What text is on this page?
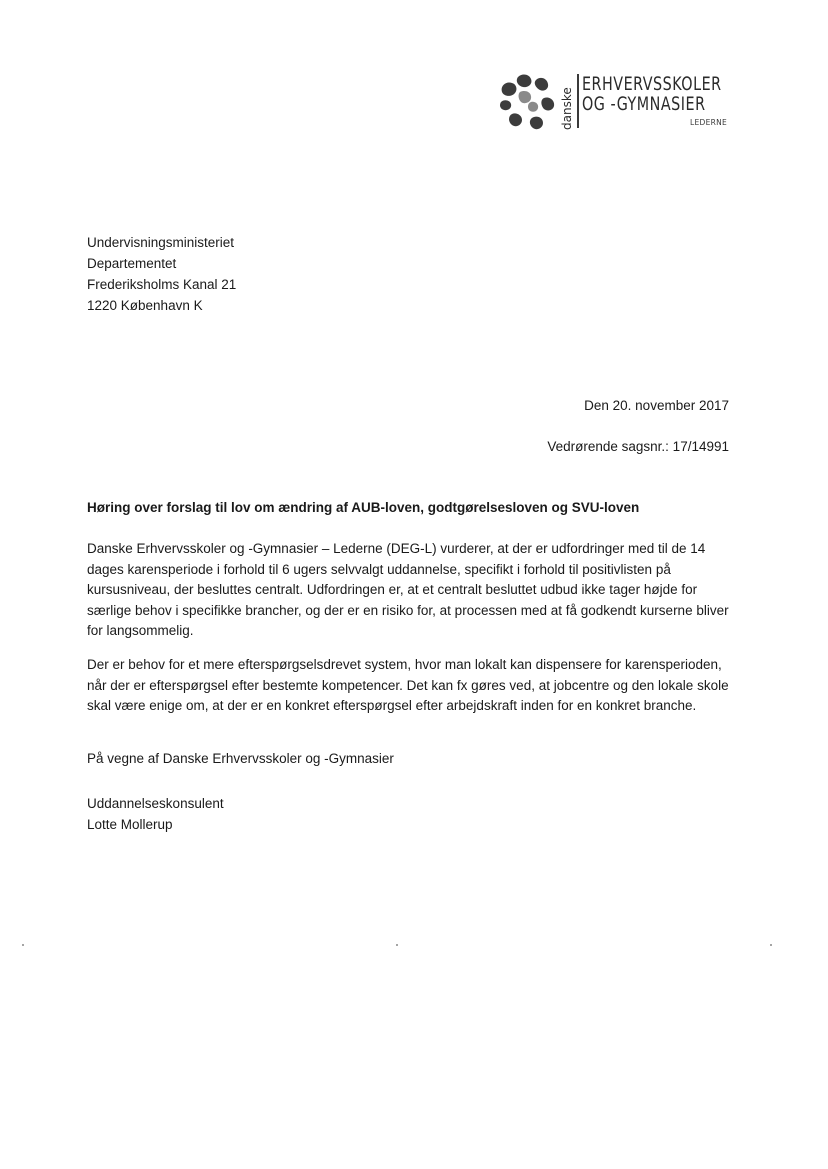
danske
ERHVERVSSKOLER
OG -GYMNASIER
LEDERNE
Undervisningsministeriet
Departementet
Frederiksholms Kanal 21
1220 København K
Den 20. november 2017
Vedrørende sagsnr.: 17/14991
Høring over forslag til lov om ændring af AUB-loven, godtgørelsesloven og SVU-loven

Danske Erhvervsskoler og -Gymnasier – Lederne (DEG-L) vurderer, at der er udfordringer med til de 14 dages karensperiode i forhold til 6 ugers selvvalgt uddannelse, specifikt i forhold til positivlisten på kursusniveau, der besluttes centralt. Udfordringen er, at et centralt besluttet udbud ikke tager højde for særlige behov i specifikke brancher, og der er en risiko for, at processen med at få godkendt kurserne bliver for langsommelig.

Der er behov for et mere efterspørgselsdrevet system, hvor man lokalt kan dispensere for karensperioden, når der er efterspørgsel efter bestemte kompetencer. Det kan fx gøres ved, at jobcentre og den lokale skole skal være enige om, at der er en konkret efterspørgsel efter arbejdskraft inden for en konkret branche.

På vegne af Danske Erhvervsskoler og -Gymnasier
Uddannelseskonsulent
Lotte Mollerup
